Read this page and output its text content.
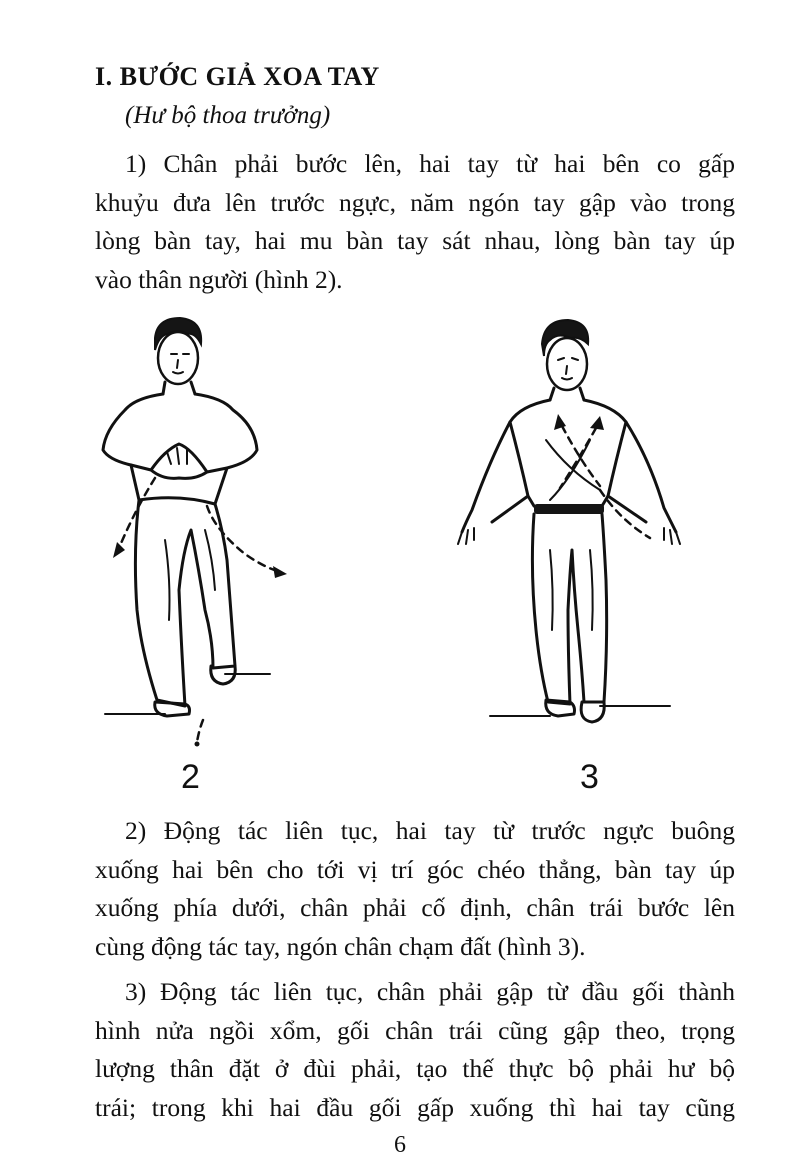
I. BƯỚC GIẢ XOA TAY
(Hư bộ thoa trưởng)
1) Chân phải bước lên, hai tay từ hai bên co gấp
khuỷu đưa lên trước ngực, năm ngón tay gập vào trong
lòng bàn tay, hai mu bàn tay sát nhau, lòng bàn tay úp
vào thân người (hình 2).
2	3
2) Động tác liên tục, hai tay từ trước ngực buông
xuống hai bên cho tới vị trí góc chéo thẳng, bàn tay úp
xuống phía dưới, chân phải cố định, chân trái bước lên
cùng động tác tay, ngón chân chạm đất (hình 3).
3) Động tác liên tục, chân phải gập từ đầu gối thành
hình nửa ngồi xổm, gối chân trái cũng gập theo, trọng
lượng thân đặt ở đùi phải, tạo thế thực bộ phải hư bộ
trái; trong khi hai đầu gối gấp xuống thì hai tay cũng
6
